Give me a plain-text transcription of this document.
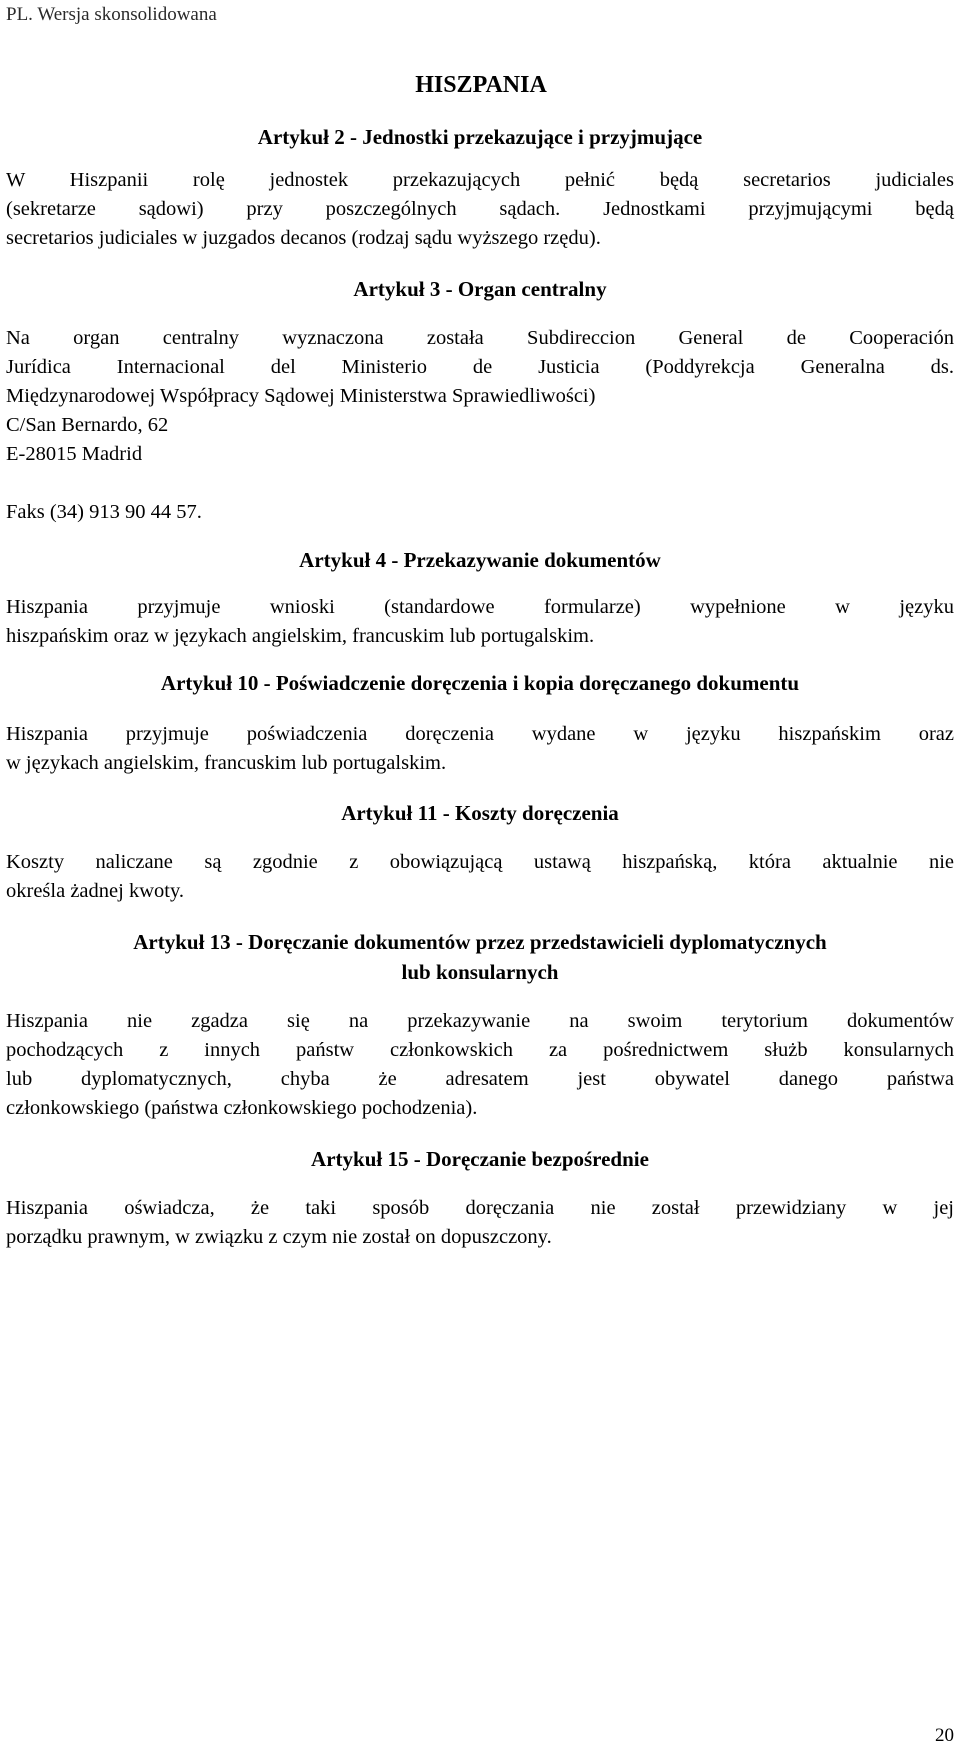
PL. Wersja skonsolidowana
HISZPANIA
Artykuł 2 - Jednostki przekazujące i przyjmujące
W Hiszpanii rolę jednostek przekazujących pełnić będą secretarios judiciales
(sekretarze sądowi) przy poszczególnych sądach. Jednostkami przyjmującymi będą
secretarios judiciales w juzgados decanos (rodzaj sądu wyższego rzędu).
Artykuł 3 - Organ centralny
Na organ centralny wyznaczona została Subdireccion General de Cooperación
Jurídica Internacional del Ministerio de Justicia (Poddyrekcja Generalna ds.
Międzynarodowej Współpracy Sądowej Ministerstwa Sprawiedliwości)
C/San Bernardo, 62
E-28015 Madrid
Faks (34) 913 90 44 57.
Artykuł 4 - Przekazywanie dokumentów
Hiszpania przyjmuje wnioski (standardowe formularze) wypełnione w języku
hiszpańskim oraz w językach angielskim, francuskim lub portugalskim.
Artykuł 10 - Poświadczenie doręczenia i kopia doręczanego dokumentu
Hiszpania przyjmuje poświadczenia doręczenia wydane w języku hiszpańskim oraz
w językach angielskim, francuskim lub portugalskim.
Artykuł 11 - Koszty doręczenia
Koszty naliczane są zgodnie z obowiązującą ustawą hiszpańską, która aktualnie nie
określa żadnej kwoty.
Artykuł 13 - Doręczanie dokumentów przez przedstawicieli dyplomatycznych
lub konsularnych
Hiszpania nie zgadza się na przekazywanie na swoim terytorium dokumentów
pochodzących z innych państw członkowskich za pośrednictwem służb konsularnych
lub dyplomatycznych, chyba że adresatem jest obywatel danego państwa
członkowskiego (państwa członkowskiego pochodzenia).
Artykuł 15 - Doręczanie bezpośrednie
Hiszpania oświadcza, że taki sposób doręczania nie został przewidziany w jej
porządku prawnym, w związku z czym nie został on dopuszczony.
20
